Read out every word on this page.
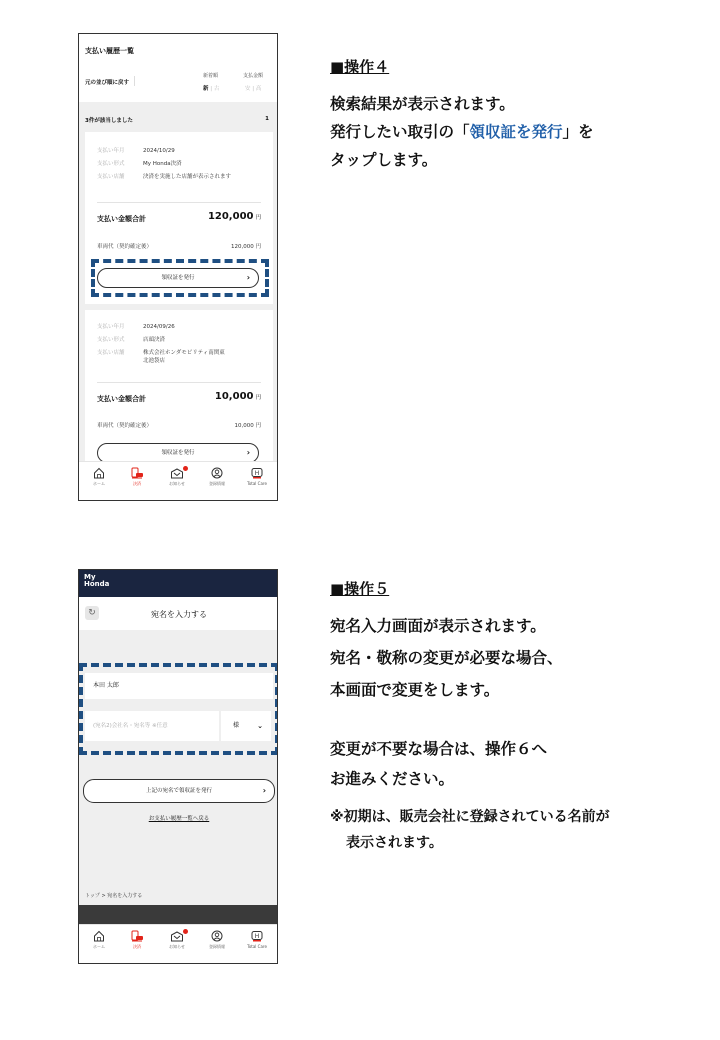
支払い履歴一覧
元の並び順に戻す
新着順
新 | 古
支払金額
安 | 高
3件が該当しました	1
支払い年月	2024/10/29
支払い形式	My Honda決済
支払い店舗	決済を実施した店舗が表示されます
支払い金額合計	120,000 円
車両代（契約確定後）	120,000 円
領収証を発行	›
支払い年月	2024/09/26
支払い形式	店頭決済
支払い店舗	株式会社ホンダモビリティ南関東
北池袋店
支払い金額合計	10,000 円
車両代（契約確定後）	10,000 円
領収証を発行	›
ホーム	決済	お知らせ	登録情報
H
Total Care
■操作４
検索結果が表示されます。
発行したい取引の「領収証を発行」を
タップします。
My
Honda
↻	宛名を入力する
本田 太郎
(宛名2)会社名・宛名等 ※任意	様	⌄
上記の宛名で領収証を発行	›
お支払い履歴一覧へ戻る
トップ > 宛名を入力する
ホーム	決済	お知らせ	登録情報
H
Total Care
■操作５
宛名入力画面が表示されます。
宛名・敬称の変更が必要な場合、
本画面で変更をします。
変更が不要な場合は、操作６へ
お進みください。
※初期は、販売会社に登録されている名前が
表示されます。
